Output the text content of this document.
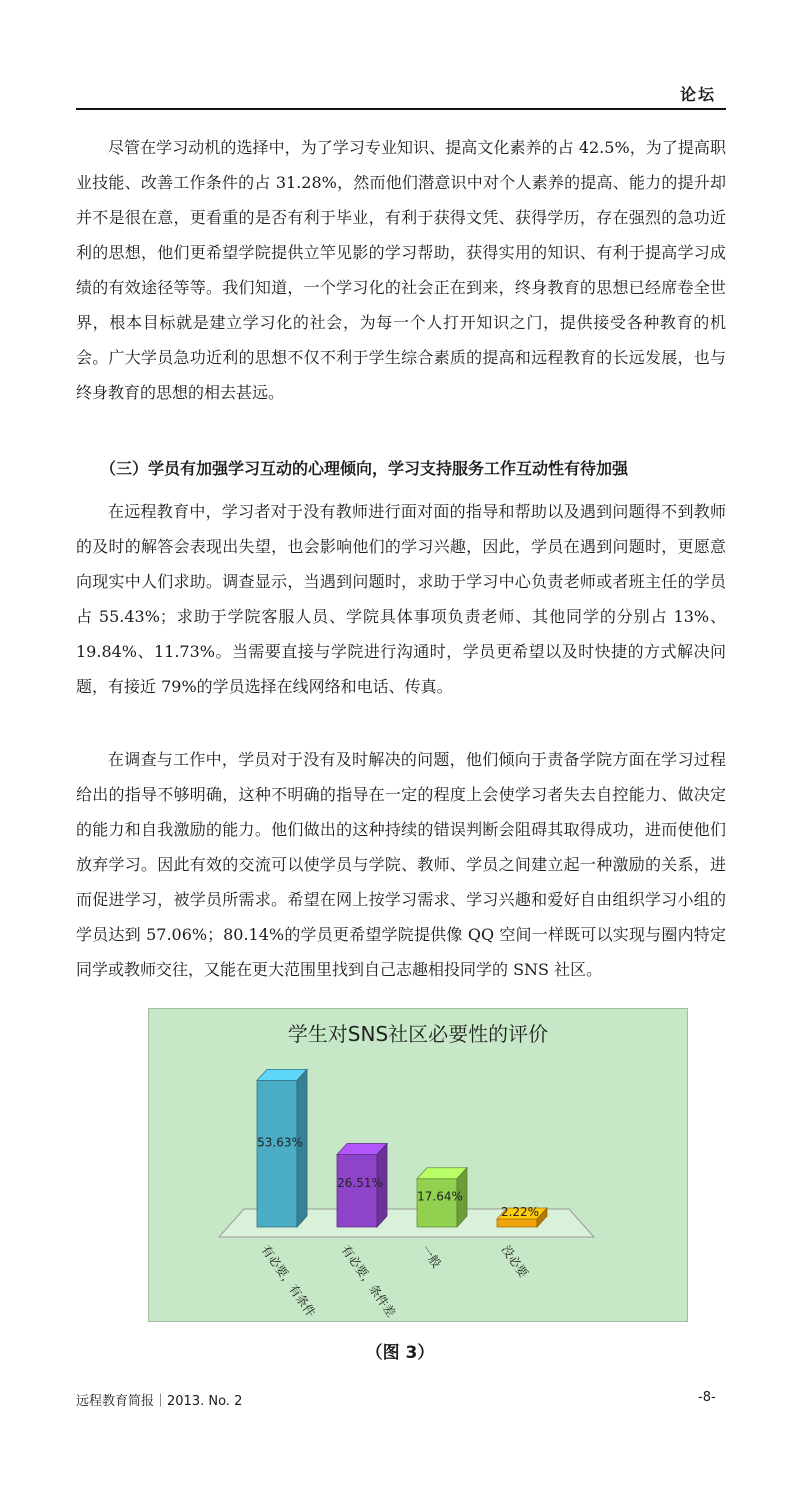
论坛

尽管在学习动机的选择中，为了学习专业知识、提高文化素养的占 42.5%，为了提高职业技能、改善工作条件的占 31.28%，然而他们潜意识中对个人素养的提高、能力的提升却并不是很在意，更看重的是否有利于毕业，有利于获得文凭、获得学历，存在强烈的急功近利的思想，他们更希望学院提供立竿见影的学习帮助，获得实用的知识、有利于提高学习成绩的有效途径等等。我们知道，一个学习化的社会正在到来，终身教育的思想已经席卷全世界，根本目标就是建立学习化的社会，为每一个人打开知识之门，提供接受各种教育的机会。广大学员急功近利的思想不仅不利于学生综合素质的提高和远程教育的长远发展，也与终身教育的思想的相去甚远。

（三）学员有加强学习互动的心理倾向，学习支持服务工作互动性有待加强

在远程教育中，学习者对于没有教师进行面对面的指导和帮助以及遇到问题得不到教师的及时的解答会表现出失望，也会影响他们的学习兴趣，因此，学员在遇到问题时，更愿意向现实中人们求助。调查显示，当遇到问题时，求助于学习中心负责老师或者班主任的学员占 55.43%；求助于学院客服人员、学院具体事项负责老师、其他同学的分别占 13%、19.84%、11.73%。当需要直接与学院进行沟通时，学员更希望以及时快捷的方式解决问题，有接近 79%的学员选择在线网络和电话、传真。

在调查与工作中，学员对于没有及时解决的问题，他们倾向于责备学院方面在学习过程给出的指导不够明确，这种不明确的指导在一定的程度上会使学习者失去自控能力、做决定的能力和自我激励的能力。他们做出的这种持续的错误判断会阻碍其取得成功，进而使他们放弃学习。因此有效的交流可以使学员与学院、教师、学员之间建立起一种激励的关系，进而促进学习，被学员所需求。希望在网上按学习需求、学习兴趣和爱好自由组织学习小组的学员达到 57.06%；80.14%的学员更希望学院提供像 QQ 空间一样既可以实现与圈内特定同学或教师交往，又能在更大范围里找到自己志趣相投同学的 SNS 社区。

学生对SNS社区必要性的评价
53.63%
26.51%
17.64%
2.22%
有必要，有条件 有必要，条件差 一般	没必要
（图 3）
远程教育简报｜2013. No. 2	-8-
